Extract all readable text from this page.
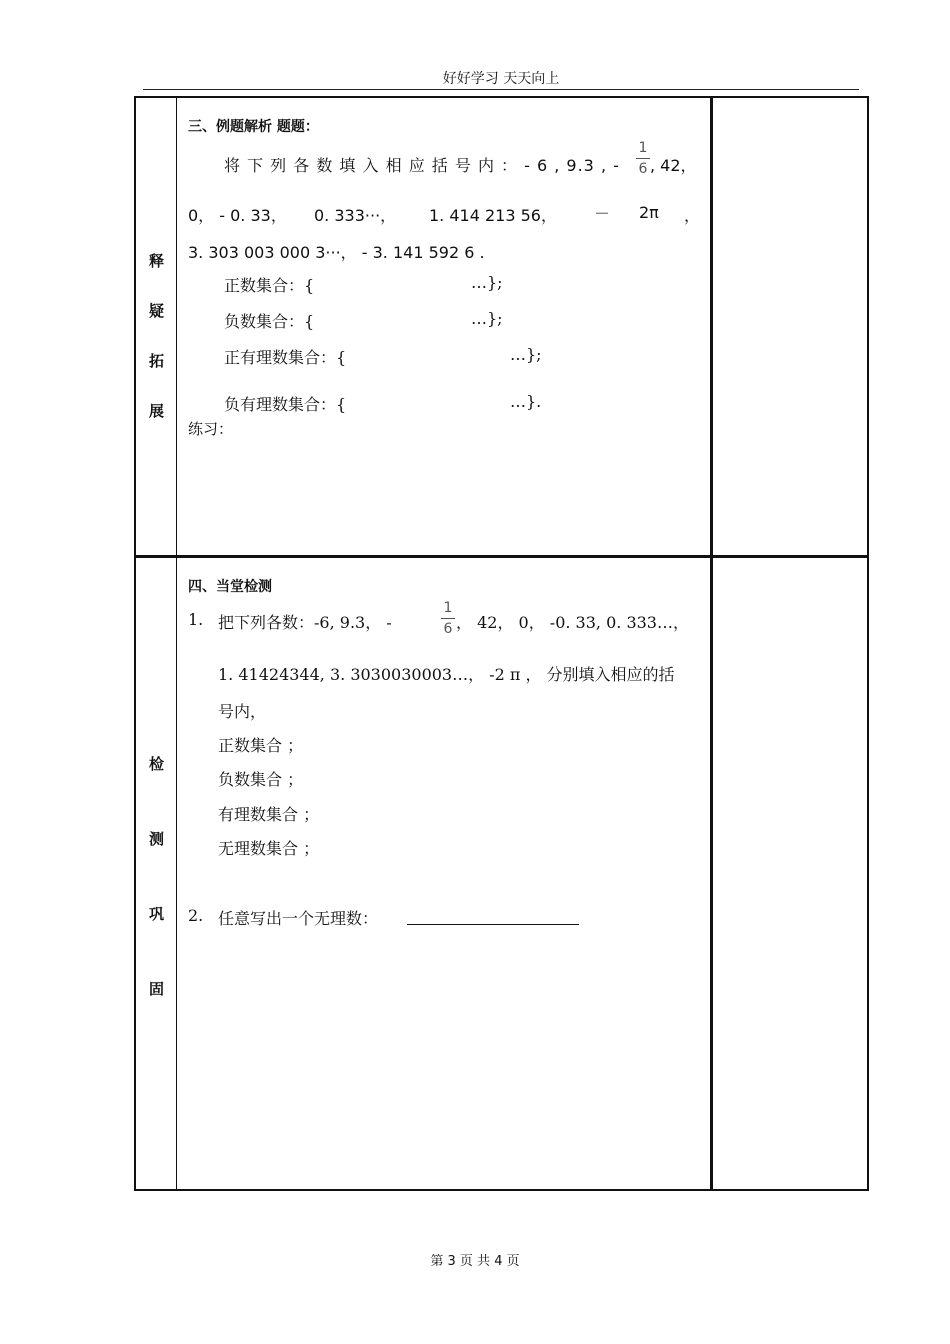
好好学习 天天向上
释
疑
拓
展
三、例题解析 题题：
将 下 列 各 数 填 入 相 应 括 号 内 ： - 6 , 9.3 , -
1
6 , 42，
0， - 0. 33， 0. 333···， 1. 414 213 56， － 2π ，
3. 303 003 000 3···， - 3. 141 592 6 .
正数集合：{	…};
负数集合：{	…};
正有理数集合：{	…};
负有理数集合：{	…}.
练习：
检
测
巩
固
四、当堂检测
1. 把下列各数：-6, 9.3， -
1
6 ， 42， 0， -0. 33, 0. 333…，
1. 41424344, 3. 3030030003…， -2 π ， 分别填入相应的括
号内，
正数集合 ；
负数集合 ；
有理数集合 ；
无理数集合 ；
2. 任意写出一个无理数：
第 3 页 共 4 页
